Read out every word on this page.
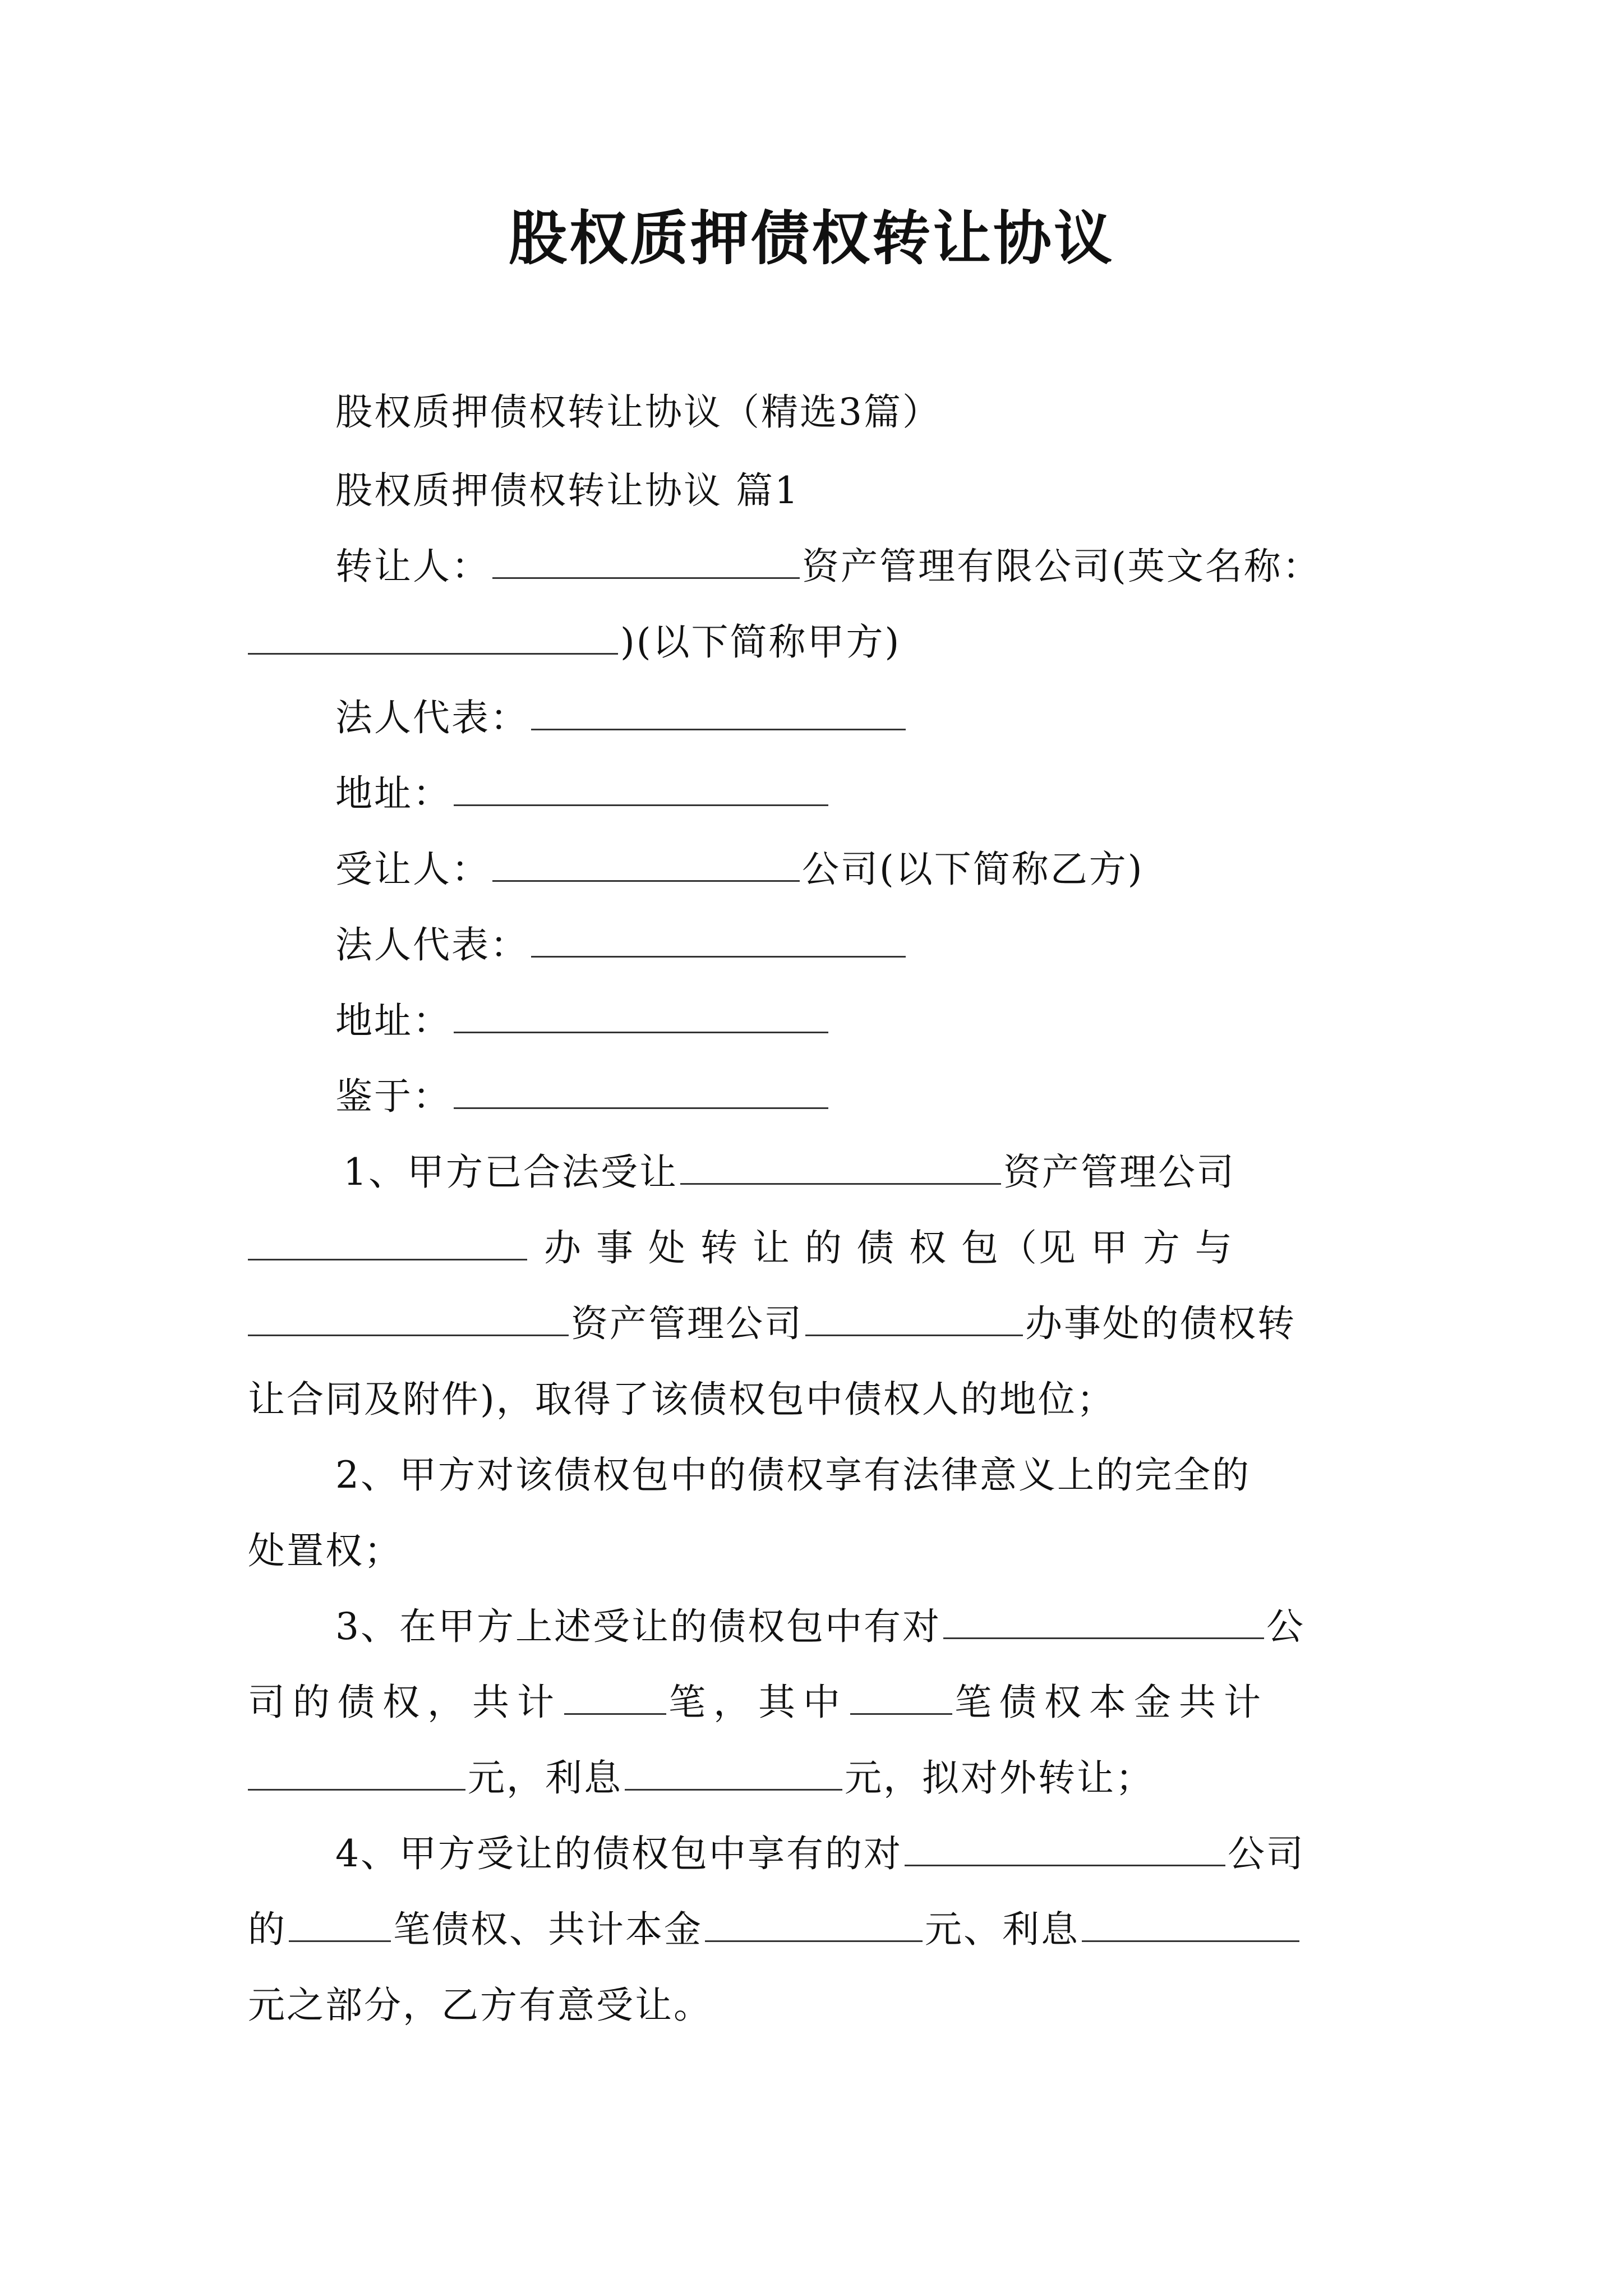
股权质押债权转让协议
股权质押债权转让协议（精选3篇）
股权质押债权转让协议 篇1
转让人：	资产管理有限公司(英文名称：
)(以下简称甲方)
法人代表：
地址：
受让人：	公司(以下简称乙方)
法人代表：
地址：
鉴于：
1、甲方已合法受让	资产管理公司
办 事 处 转 让 的 债 权 包（见 甲 方 与
资产管理公司	办事处的债权转
让合同及附件)，取得了该债权包中债权人的地位；
2、甲方对该债权包中的债权享有法律意义上的完全的
处置权；
3、在甲方上述受让的债权包中有对	公
司的债权，共计	笔，其中	笔债权本金共计
元，利息	元，拟对外转让；
4、甲方受让的债权包中享有的对	公司
的	笔债权、共计本金	元、利息
元之部分，乙方有意受让。
